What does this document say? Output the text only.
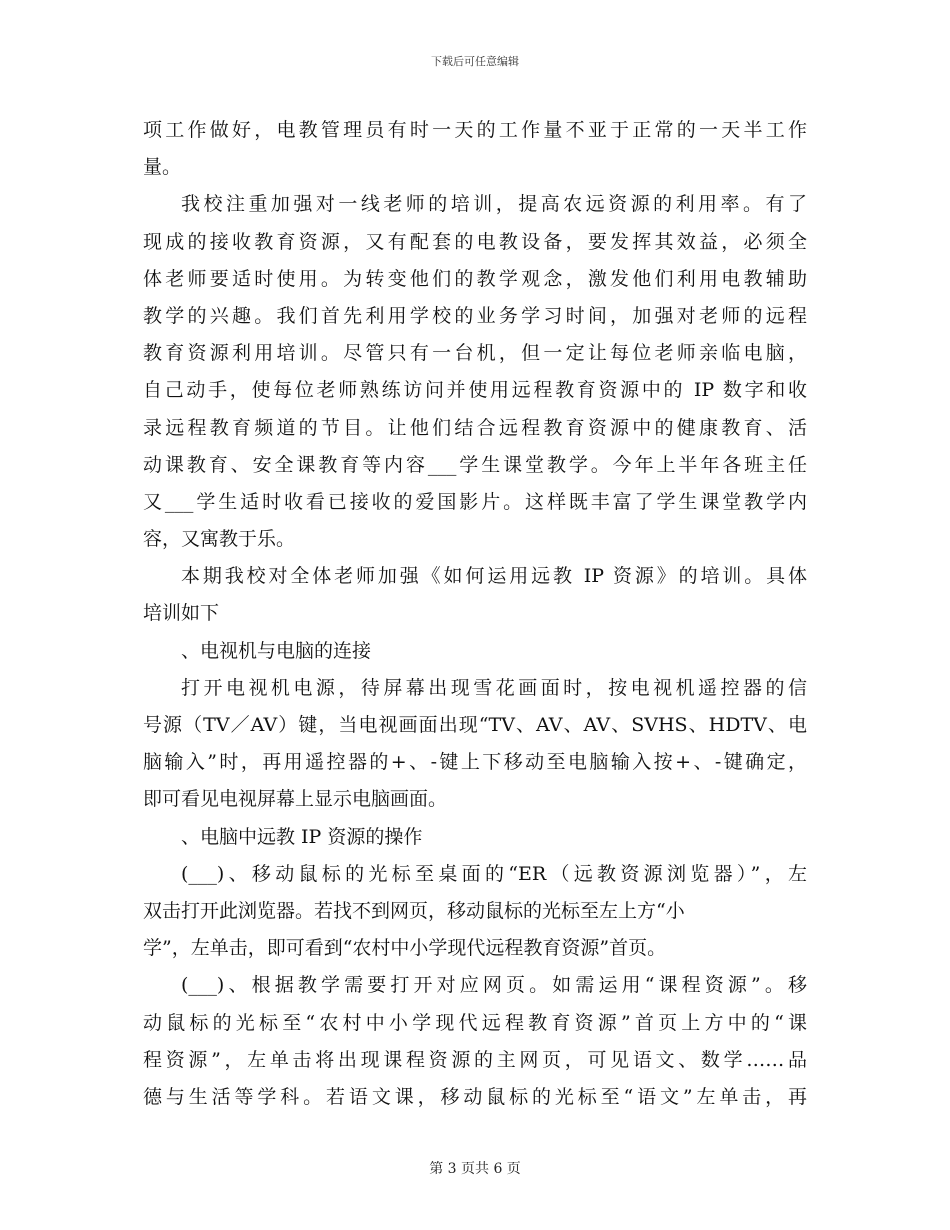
下载后可任意编辑
项工作做好，电教管理员有时一天的工作量不亚于正常的一天半工作
量。
我校注重加强对一线老师的培训，提高农远资源的利用率。有了
现成的接收教育资源，又有配套的电教设备，要发挥其效益，必须全
体老师要适时使用。为转变他们的教学观念，激发他们利用电教辅助
教学的兴趣。我们首先利用学校的业务学习时间，加强对老师的远程
教育资源利用培训。尽管只有一台机，但一定让每位老师亲临电脑，
自己动手，使每位老师熟练访问并使用远程教育资源中的 IP 数字和收
录远程教育频道的节目。让他们结合远程教育资源中的健康教育、活
动课教育、安全课教育等内容___学生课堂教学。今年上半年各班主任
又___学生适时收看已接收的爱国影片。这样既丰富了学生课堂教学内
容，又寓教于乐。
本期我校对全体老师加强《如何运用远教 IP 资源》的培训。具体
培训如下
、电视机与电脑的连接
打开电视机电源，待屏幕出现雪花画面时，按电视机遥控器的信
号源（TV／AV）键，当电视画面出现“TV、AV、AV、SVHS、HDTV、电
脑输入”时，再用遥控器的+、-键上下移动至电脑输入按+、-键确定，
即可看见电视屏幕上显示电脑画面。
、电脑中远教 IP 资源的操作
(___)、移动鼠标的光标至桌面的“ER（远教资源浏览器）”，左
双击打开此浏览器。若找不到网页，移动鼠标的光标至左上方“小
学”，左单击，即可看到“农村中小学现代远程教育资源”首页。
(___)、根据教学需要打开对应网页。如需运用“课程资源”。移
动鼠标的光标至“农村中小学现代远程教育资源”首页上方中的“课
程资源”，左单击将出现课程资源的主网页，可见语文、数学……品
德与生活等学科。若语文课，移动鼠标的光标至“语文”左单击，再
第 3 页共 6 页
